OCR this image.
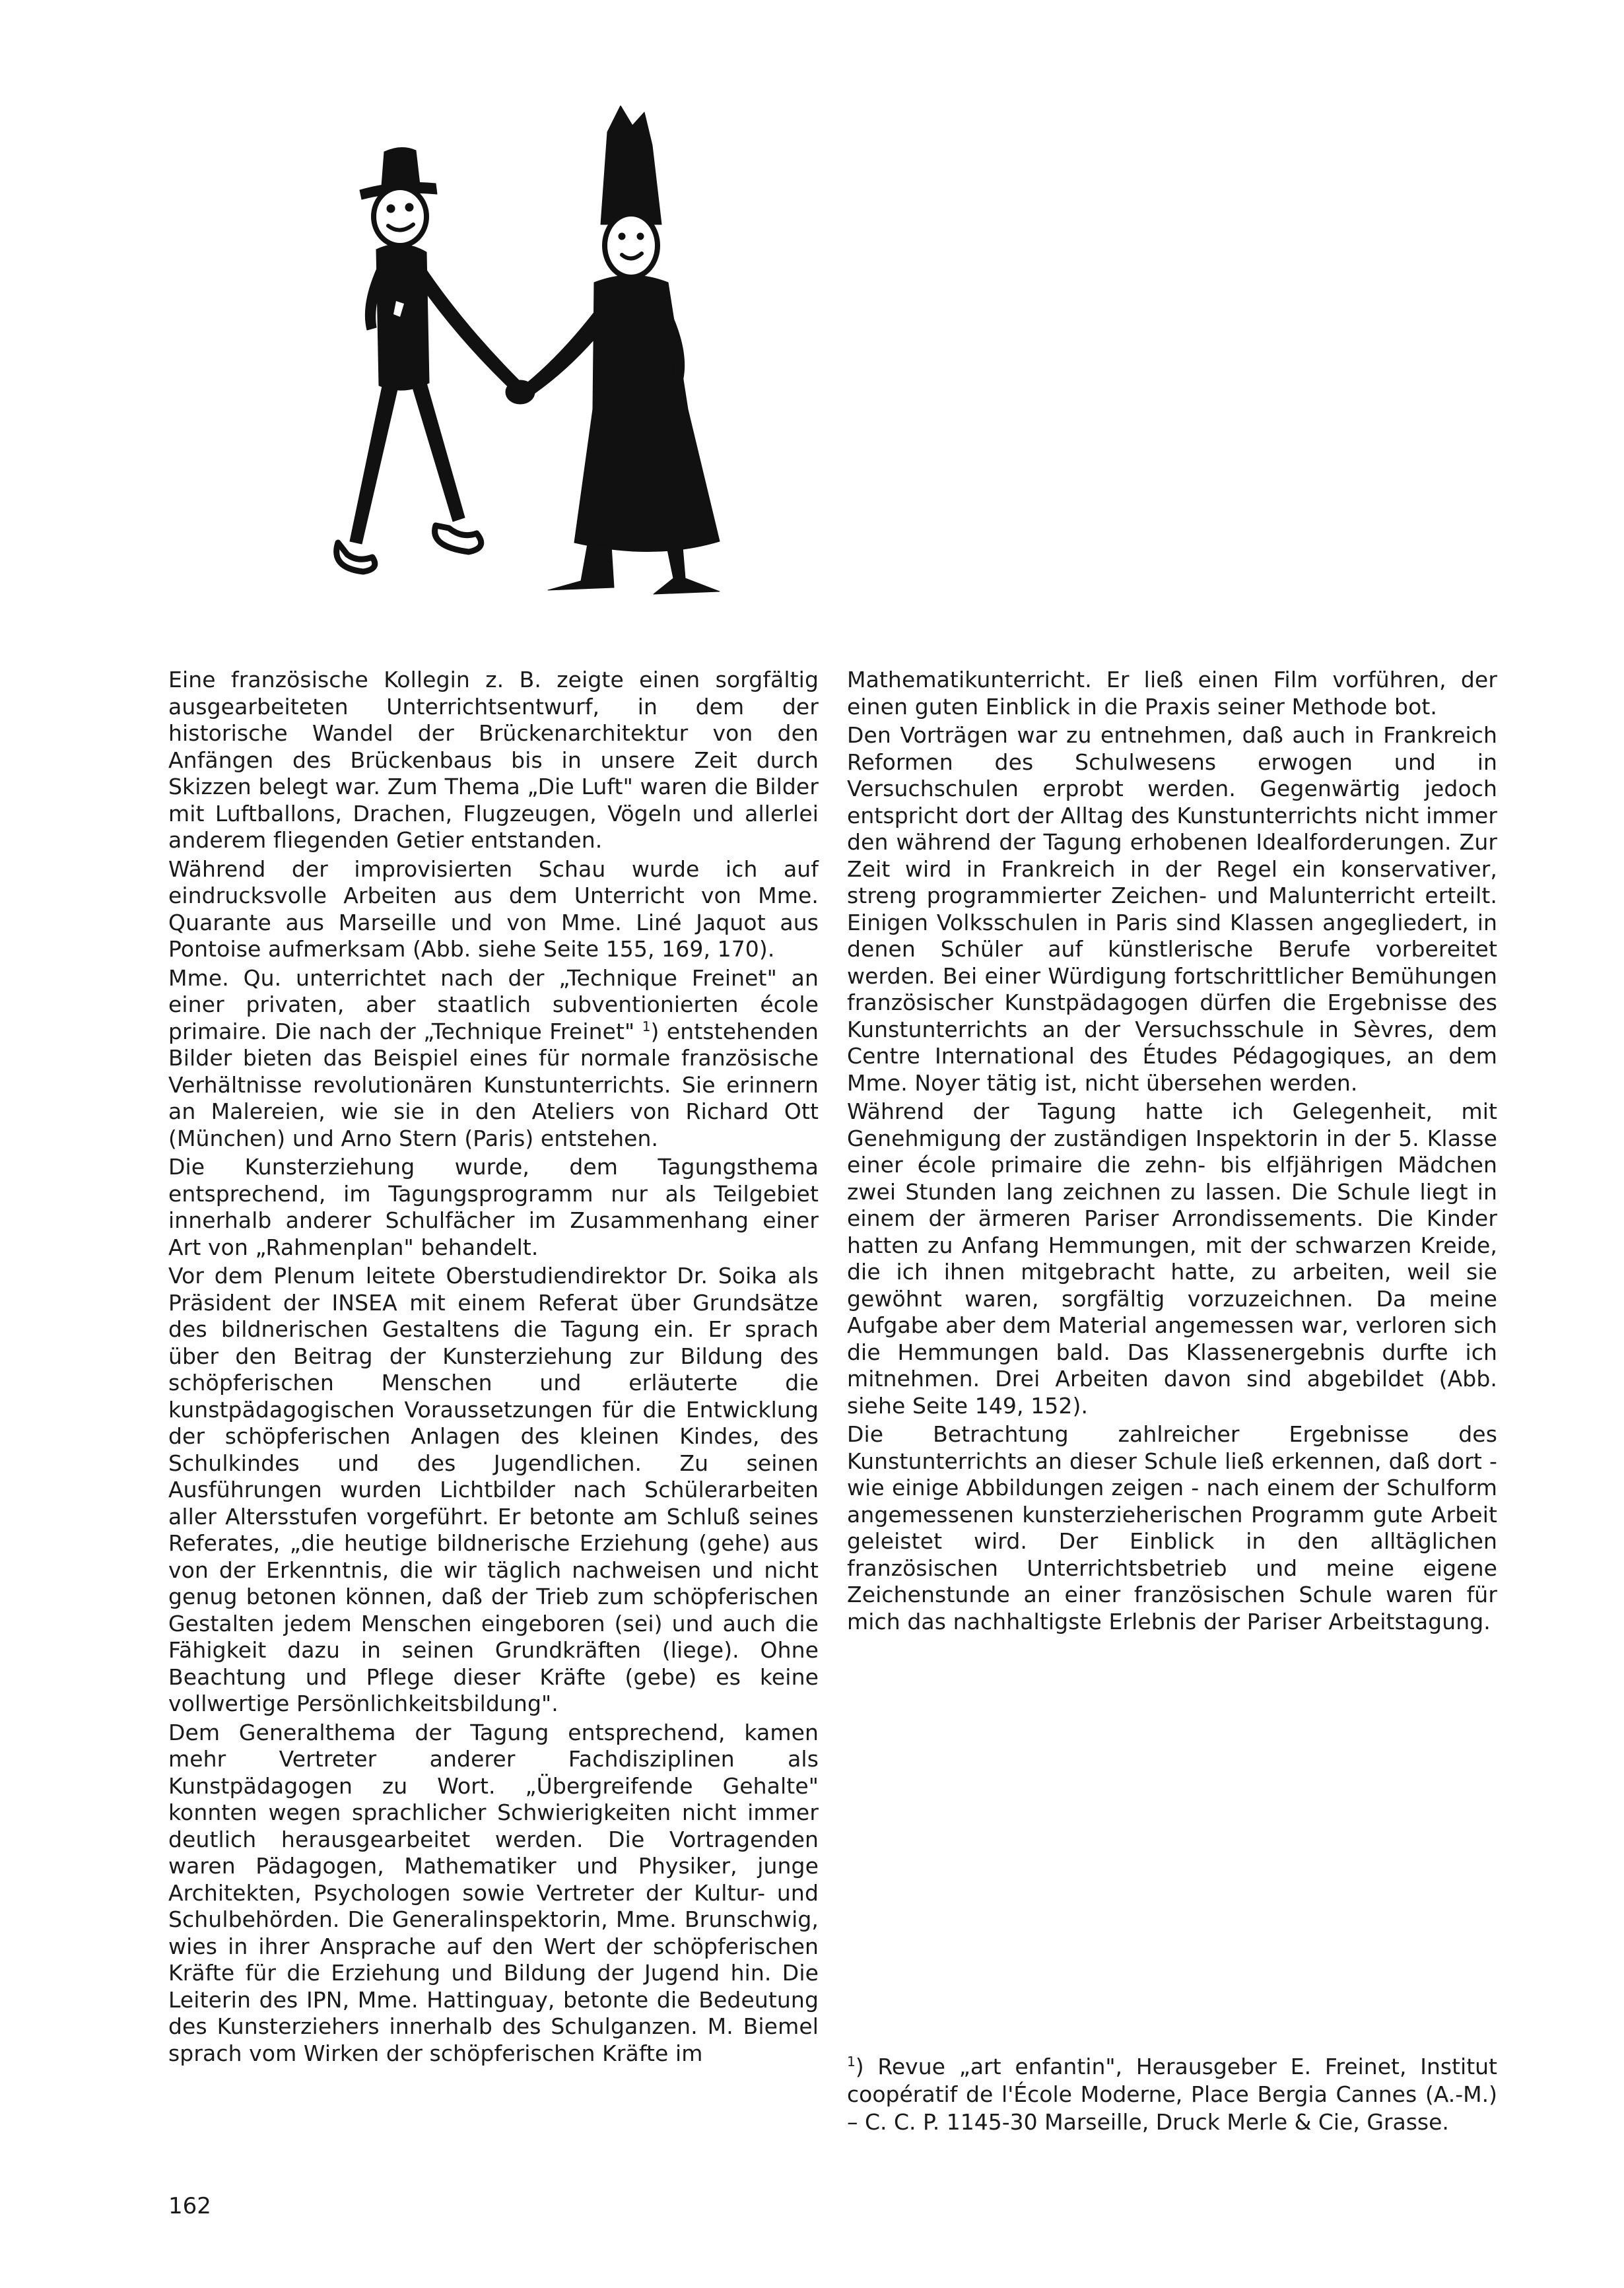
Eine französische Kollegin z. B. zeigte einen sorgfältig ausgearbeiteten Unterrichtsentwurf, in dem der historische Wandel der Brückenarchitektur von den Anfängen des Brückenbaus bis in unsere Zeit durch Skizzen belegt war. Zum Thema „Die Luft" waren die Bilder mit Luftballons, Drachen, Flugzeugen, Vögeln und allerlei anderem fliegenden Getier entstanden.

Während der improvisierten Schau wurde ich auf eindrucksvolle Arbeiten aus dem Unterricht von Mme. Quarante aus Marseille und von Mme. Liné Jaquot aus Pontoise aufmerksam (Abb. siehe Seite 155, 169, 170).

Mme. Qu. unterrichtet nach der „Technique Freinet" an einer privaten, aber staatlich subventionierten école primaire. Die nach der „Technique Freinet" $^1$) entstehenden Bilder bieten das Beispiel eines für normale französische Verhältnisse revolutionären Kunstunterrichts. Sie erinnern an Malereien, wie sie in den Ateliers von Richard Ott (München) und Arno Stern (Paris) entstehen.

Die Kunsterziehung wurde, dem Tagungsthema entsprechend, im Tagungsprogramm nur als Teilgebiet innerhalb anderer Schulfächer im Zusammenhang einer Art von „Rahmenplan" behandelt.

Vor dem Plenum leitete Oberstudiendirektor Dr. Soika als Präsident der INSEA mit einem Referat über Grundsätze des bildnerischen Gestaltens die Tagung ein. Er sprach über den Beitrag der Kunsterziehung zur Bildung des schöpferischen Menschen und erläuterte die kunstpädagogischen Voraussetzungen für die Entwicklung der schöpferischen Anlagen des kleinen Kindes, des Schulkindes und des Jugendlichen. Zu seinen Ausführungen wurden Lichtbilder nach Schülerarbeiten aller Altersstufen vorgeführt. Er betonte am Schluß seines Referates, „die heutige bildnerische Erziehung (gehe) aus von der Erkenntnis, die wir täglich nachweisen und nicht genug betonen können, daß der Trieb zum schöpferischen Gestalten jedem Menschen eingeboren (sei) und auch die Fähigkeit dazu in seinen Grundkräften (liege). Ohne Beachtung und Pflege dieser Kräfte (gebe) es keine vollwertige Persönlichkeitsbildung".

Dem Generalthema der Tagung entsprechend, kamen mehr Vertreter anderer Fachdisziplinen als Kunstpädagogen zu Wort. „Übergreifende Gehalte" konnten wegen sprachlicher Schwierigkeiten nicht immer deutlich herausgearbeitet werden. Die Vortragenden waren Pädagogen, Mathematiker und Physiker, junge Architekten, Psychologen sowie Vertreter der Kultur- und Schulbehörden. Die Generalinspektorin, Mme. Brunschwig, wies in ihrer Ansprache auf den Wert der schöpferischen Kräfte für die Erziehung und Bildung der Jugend hin. Die Leiterin des IPN, Mme. Hattinguay, betonte die Bedeutung des Kunsterziehers innerhalb des Schulganzen. M. Biemel sprach vom Wirken der schöpferischen Kräfte im

Mathematikunterricht. Er ließ einen Film vorführen, der einen guten Einblick in die Praxis seiner Methode bot.

Den Vorträgen war zu entnehmen, daß auch in Frankreich Reformen des Schulwesens erwogen und in Versuchschulen erprobt werden. Gegenwärtig jedoch entspricht dort der Alltag des Kunstunterrichts nicht immer den während der Tagung erhobenen Idealforderungen. Zur Zeit wird in Frankreich in der Regel ein konservativer, streng programmierter Zeichen- und Malunterricht erteilt. Einigen Volksschulen in Paris sind Klassen angegliedert, in denen Schüler auf künstlerische Berufe vorbereitet werden. Bei einer Würdigung fortschrittlicher Bemühungen französischer Kunstpädagogen dürfen die Ergebnisse des Kunstunterrichts an der Versuchsschule in Sèvres, dem Centre International des Études Pédagogiques, an dem Mme. Noyer tätig ist, nicht übersehen werden.

Während der Tagung hatte ich Gelegenheit, mit Genehmigung der zuständigen Inspektorin in der 5. Klasse einer école primaire die zehn- bis elfjährigen Mädchen zwei Stunden lang zeichnen zu lassen. Die Schule liegt in einem der ärmeren Pariser Arrondissements. Die Kinder hatten zu Anfang Hemmungen, mit der schwarzen Kreide, die ich ihnen mitgebracht hatte, zu arbeiten, weil sie gewöhnt waren, sorgfältig vorzuzeichnen. Da meine Aufgabe aber dem Material angemessen war, verloren sich die Hemmungen bald. Das Klassenergebnis durfte ich mitnehmen. Drei Arbeiten davon sind abgebildet (Abb. siehe Seite 149, 152).

Die Betrachtung zahlreicher Ergebnisse des Kunstunterrichts an dieser Schule ließ erkennen, daß dort - wie einige Abbildungen zeigen - nach einem der Schulform angemessenen kunsterzieherischen Programm gute Arbeit geleistet wird. Der Einblick in den alltäglichen französischen Unterrichtsbetrieb und meine eigene Zeichenstunde an einer französischen Schule waren für mich das nachhaltigste Erlebnis der Pariser Arbeitstagung.

$^1$) Revue „art enfantin", Herausgeber E. Freinet, Institut coopératif de l'École Moderne, Place Bergia Cannes (A.-M.) – C. C. P. 1145-30 Marseille, Druck Merle & Cie, Grasse.
162
